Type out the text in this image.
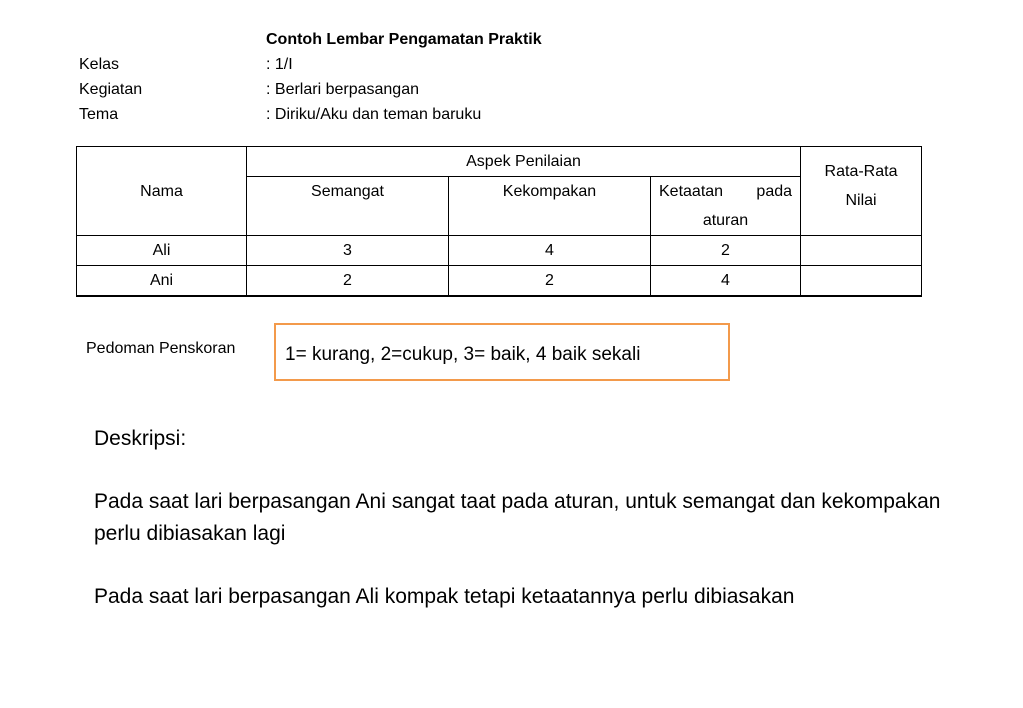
Contoh Lembar Pengamatan Praktik
Kelas	: 1/I
Kegiatan	: Berlari berpasangan
Tema	: Diriku/Aku dan teman baruku
Nama	Aspek Penilaian			Rata-Rata Nilai
	Semangat	Kekompakan	Ketaatan pada aturan	
Ali	3	4	2	
Ani	2	2	4	

Pedoman Penskoran	1= kurang, 2=cukup, 3= baik, 4 baik sekali
Deskripsi:
Pada saat lari berpasangan Ani sangat taat pada aturan, untuk semangat dan kekompakan perlu dibiasakan lagi
Pada saat lari berpasangan Ali kompak tetapi ketaatannya perlu dibiasakan
